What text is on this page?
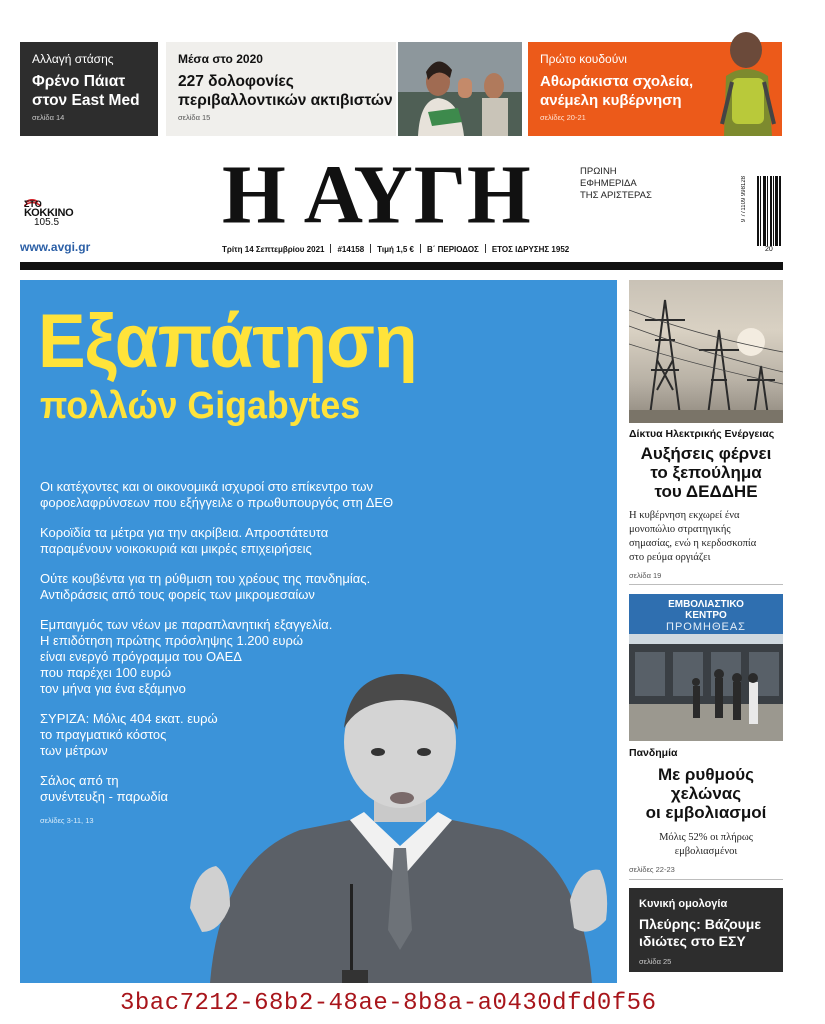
Αλλαγή στάσης
Φρένο Πάιατ
στον East Med
σελίδα 14
Μέσα στο 2020
227 δολοφονίες
περιβαλλοντικών ακτιβιστών
σελίδα 15
Πρώτο κουδούνι
Αθωράκιστα σχολεία,
ανέμελη κυβέρνηση
σελίδες 20-21
ΣΤΟ
ΚΟΚΚΙΝΟ
105.5
www.avgi.gr
Η ΑΥΓΗ	ΠΡΩΙΝΗ
ΕΦΗΜΕΡΙΔΑ
ΤΗΣ ΑΡΙΣΤΕΡΑΣ	9 771109 998128
20
Τρίτη 14 Σεπτεμβρίου 2021 #14158 Τιμή 1,5 € Β΄ ΠΕΡΙΟΔΟΣ ΕΤΟΣ ΙΔΡΥΣΗΣ 1952
Εξαπάτηση
πολλών Gigabytes
Οι κατέχοντες και οι οικονομικά ισχυροί στο επίκεντρο των
φοροελαφρύνσεων που εξήγγειλε ο πρωθυπουργός στη ΔΕΘ
Κοροϊδία τα μέτρα για την ακρίβεια. Απροστάτευτα
παραμένουν νοικοκυριά και μικρές επιχειρήσεις
Ούτε κουβέντα για τη ρύθμιση του χρέους της πανδημίας.
Αντιδράσεις από τους φορείς των μικρομεσαίων
Εμπαιγμός των νέων με παραπλανητική εξαγγελία.
Η επιδότηση πρώτης πρόσληψης 1.200 ευρώ
είναι ενεργό πρόγραμμα του ΟΑΕΔ
που παρέχει 100 ευρώ
τον μήνα για ένα εξάμηνο
ΣΥΡΙΖΑ: Μόλις 404 εκατ. ευρώ
το πραγματικό κόστος
των μέτρων
Σάλος από τη
συνέντευξη - παρωδία
σελίδες 3-11, 13
Δίκτυα Ηλεκτρικής Ενέργειας
Αυξήσεις φέρνει
το ξεπούλημα
του ΔΕΔΔΗΕ
Η κυβέρνηση εκχωρεί ένα
μονοπώλιο στρατηγικής
σημασίας, ενώ η κερδοσκοπία
στο ρεύμα οργιάζει
σελίδα 19
ΕΜΒΟΛΙΑΣΤΙΚΟ
ΚΕΝΤΡΟ
ΠΡΟΜΗΘΕΑΣ
Πανδημία
Με ρυθμούς
χελώνας
οι εμβολιασμοί
Μόλις 52% οι πλήρως
εμβολιασμένοι
σελίδες 22-23
Κυνική ομολογία
Πλεύρης: Βάζουμε
ιδιώτες στο ΕΣΥ
σελίδα 25
3bac7212-68b2-48ae-8b8a-a0430dfd0f56
